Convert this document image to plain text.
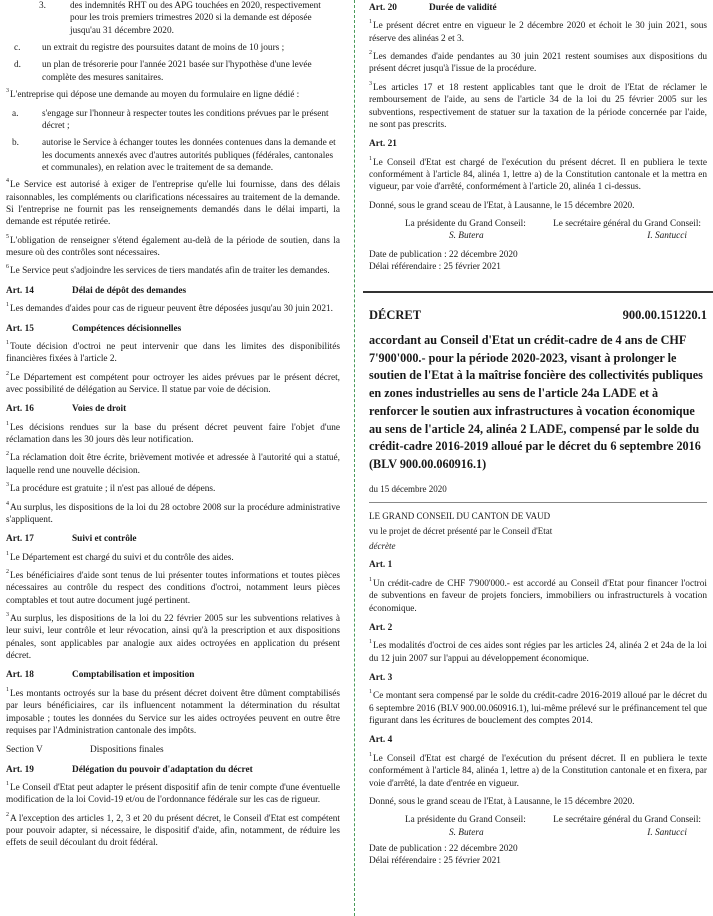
3.	des indemnités RHT ou des APG touchées en 2020, respectivement pour les trois premiers trimestres 2020 si la demande est déposée jusqu'au 31 décembre 2020.
c. un extrait du registre des poursuites datant de moins de 10 jours ;
d. un plan de trésorerie pour l'année 2021 basée sur l'hypothèse d'une levée complète des mesures sanitaires.

$^3$L'entreprise qui dépose une demande au moyen du formulaire en ligne dédié :

a.	s'engage sur l'honneur à respecter toutes les conditions prévues par le présent décret ;
b. autorise le Service à échanger toutes les données contenues dans la demande et les documents annexés avec d'autres autorités publiques (fédérales, cantonales et communales), en relation avec le traitement de sa demande.

$^4$Le Service est autorisé à exiger de l'entreprise qu'elle lui fournisse, dans des délais raisonnables, les compléments ou clarifications nécessaires au traitement de la demande. Si l'entreprise ne fournit pas les renseignements demandés dans le délai imparti, la demande est réputée retirée.

$^5$L'obligation de renseigner s'étend également au-delà de la période de soutien, dans la mesure où des contrôles sont nécessaires.

$^6$Le Service peut s'adjoindre les services de tiers mandatés afin de traiter les demandes.

Art. 14	Délai de dépôt des demandes

$^1$Les demandes d'aides pour cas de rigueur peuvent être déposées jusqu'au 30 juin 2021.

Art. 15	Compétences décisionnelles

$^1$Toute décision d'octroi ne peut intervenir que dans les limites des disponibilités financières fixées à l'article 2.

$^2$Le Département est compétent pour octroyer les aides prévues par le présent décret, avec possibilité de délégation au Service. Il statue par voie de décision.

Art. 16	Voies de droit

$^1$Les décisions rendues sur la base du présent décret peuvent faire l'objet d'une réclamation dans les 30 jours dès leur notification.

$^2$La réclamation doit être écrite, brièvement motivée et adressée à l'autorité qui a statué, laquelle rend une nouvelle décision.

$^3$La procédure est gratuite ; il n'est pas alloué de dépens.

$^4$Au surplus, les dispositions de la loi du 28 octobre 2008 sur la procédure administrative s'appliquent.

Art. 17	Suivi et contrôle

$^1$Le Département est chargé du suivi et du contrôle des aides.

$^2$Les bénéficiaires d'aide sont tenus de lui présenter toutes informations et toutes pièces nécessaires au contrôle du respect des conditions d'octroi, notamment leurs pièces comptables et tout autre document jugé pertinent.

$^3$Au surplus, les dispositions de la loi du 22 février 2005 sur les subventions relatives à leur suivi, leur contrôle et leur révocation, ainsi qu'à la prescription et aux dispositions pénales, sont applicables par analogie aux aides octroyées en application du présent décret.

Art. 18	Comptabilisation et imposition

$^1$Les montants octroyés sur la base du présent décret doivent être dûment comptabilisés par leurs bénéficiaires, car ils influencent notamment la détermination du résultat imposable ; toutes les données du Service sur les aides octroyées peuvent en outre être requises par l'Administration cantonale des impôts.

Section V	Dispositions finales
Art. 19	Délégation du pouvoir d'adaptation du décret

$^1$Le Conseil d'Etat peut adapter le présent dispositif afin de tenir compte d'une éventuelle modification de la loi Covid-19 et/ou de l'ordonnance fédérale sur les cas de rigueur.

$^2$A l'exception des articles 1, 2, 3 et 20 du présent décret, le Conseil d'Etat est compétent pour pouvoir adapter, si nécessaire, le dispositif d'aide, afin, notamment, de réduire les effets de seuil découlant du droit fédéral.

Art. 20	Durée de validité

$^1$Le présent décret entre en vigueur le 2 décembre 2020 et échoit le 30 juin 2021, sous réserve des alinéas 2 et 3.

$^2$Les demandes d'aide pendantes au 30 juin 2021 restent soumises aux dispositions du présent décret jusqu'à l'issue de la procédure.

$^3$Les articles 17 et 18 restent applicables tant que le droit de l'Etat de réclamer le remboursement de l'aide, au sens de l'article 34 de la loi du 25 février 2005 sur les subventions, respectivement de statuer sur la taxation de la période concernée par l'aide, ne sont pas prescrits.

Art. 21

$^1$Le Conseil d'Etat est chargé de l'exécution du présent décret. Il en publiera le texte conformément à l'article 84, alinéa 1, lettre a) de la Constitution cantonale et la mettra en vigueur, par voie d'arrêté, conformément à l'article 20, alinéa 1 ci-dessus.

Donné, sous le grand sceau de l'Etat, à Lausanne, le 15 décembre 2020.

La présidente du Grand Conseil:	Le secrétaire général du Grand Conseil:
S. Butera	I. Santucci
Date de publication : 22 décembre 2020
Délai référendaire : 25 février 2021
DÉCRET	900.00.151220.1
accordant au Conseil d'Etat un crédit-cadre de 4 ans de CHF 7'900'000.- pour la période 2020-2023, visant à prolonger le soutien de l'Etat à la maîtrise foncière des collectivités publiques en zones industrielles au sens de l'article 24a LADE et à renforcer le soutien aux infrastructures à vocation économique au sens de l'article 24, alinéa 2 LADE, compensé par le solde du crédit-cadre 2016-2019 alloué par le décret du 6 septembre 2016 (BLV 900.00.060916.1)
du 15 décembre 2020
LE GRAND CONSEIL DU CANTON DE VAUD
vu le projet de décret présenté par le Conseil d'Etat
décrète
Art. 1

$^1$Un crédit-cadre de CHF 7'900'000.- est accordé au Conseil d'Etat pour financer l'octroi de subventions en faveur de projets fonciers, immobiliers ou infrastructurels à vocation économique.

Art. 2

$^1$Les modalités d'octroi de ces aides sont régies par les articles 24, alinéa 2 et 24a de la loi du 12 juin 2007 sur l'appui au développement économique.

Art. 3

$^1$Ce montant sera compensé par le solde du crédit-cadre 2016-2019 alloué par le décret du 6 septembre 2016 (BLV 900.00.060916.1), lui-même prélevé sur le préfinancement tel que figurant dans les écritures de bouclement des comptes 2014.

Art. 4

$^1$Le Conseil d'Etat est chargé de l'exécution du présent décret. Il en publiera le texte conformément à l'article 84, alinéa 1, lettre a) de la Constitution cantonale et en fixera, par voie d'arrêté, la date d'entrée en vigueur.

Donné, sous le grand sceau de l'Etat, à Lausanne, le 15 décembre 2020.

La présidente du Grand Conseil:	Le secrétaire général du Grand Conseil:
S. Butera	I. Santucci
Date de publication : 22 décembre 2020
Délai référendaire : 25 février 2021
